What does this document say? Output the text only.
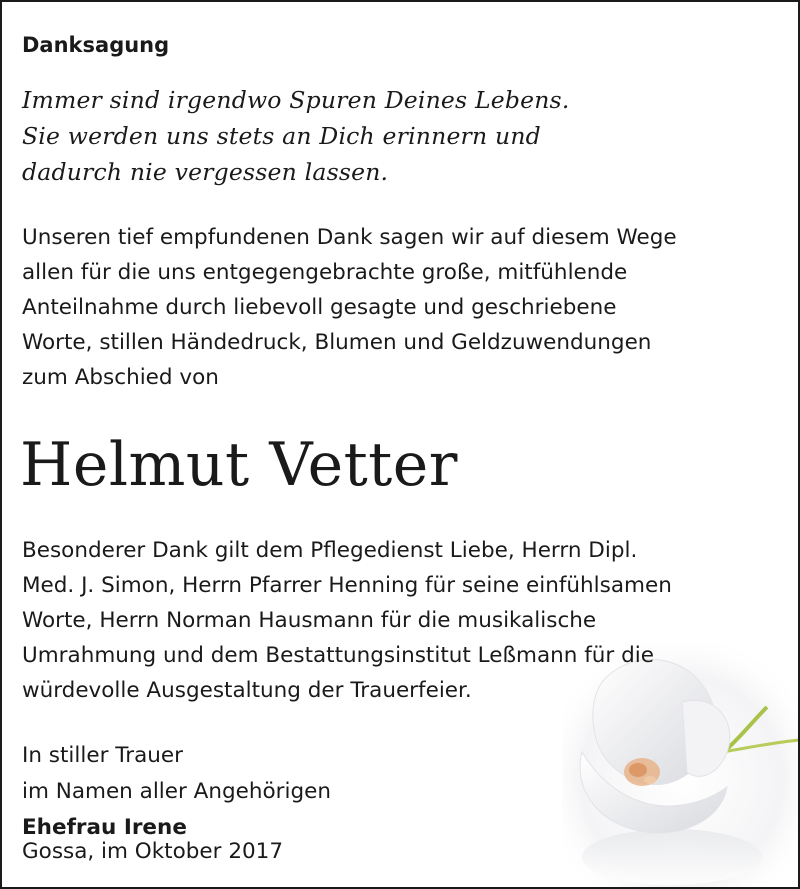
Danksagung

Immer sind irgendwo Spuren Deines Lebens.
Sie werden uns stets an Dich erinnern und
dadurch nie vergessen lassen.

Unseren tief empfundenen Dank sagen wir auf diesem Wege
allen für die uns entgegengebrachte große, mitfühlende
Anteilnahme durch liebevoll gesagte und geschriebene
Worte, stillen Händedruck, Blumen und Geldzuwendungen
zum Abschied von

Helmut Vetter

Besonderer Dank gilt dem Pflegedienst Liebe, Herrn Dipl.
Med. J. Simon, Herrn Pfarrer Henning für seine einfühlsamen
Worte, Herrn Norman Hausmann für die musikalische
Umrahmung und dem Bestattungsinstitut Leßmann für die
würdevolle Ausgestaltung der Trauerfeier.

In stiller Trauer
im Namen aller Angehörigen
Ehefrau Irene

Gossa, im Oktober 2017
